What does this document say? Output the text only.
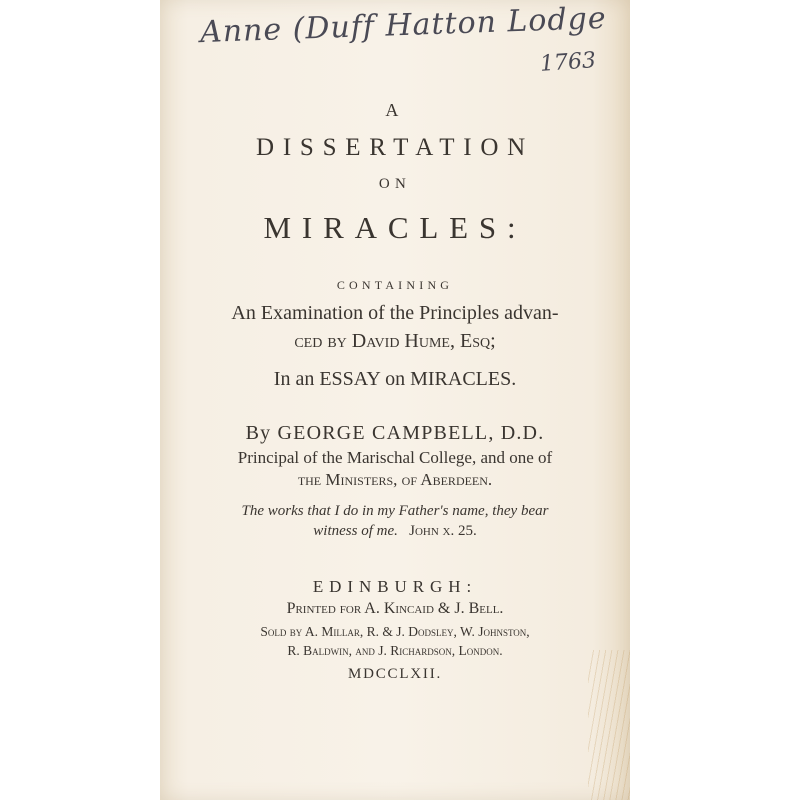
Anne (Duff Hatton Lodge
1763
A
DISSERTATION
ON
MIRACLES:
CONTAINING
An Examination of the Principles advan-
ced by David Hume, Esq;
In an ESSAY on MIRACLES.
By GEORGE CAMPBELL, D.D.
Principal of the Marischal College, and one of
the Ministers, of Aberdeen.
The works that I do in my Father's name, they bear
witness of me. John x. 25.
EDINBURGH:
Printed for A. Kincaid & J. Bell.
Sold by A. Millar, R. & J. Dodsley, W. Johnston,
R. Baldwin, and J. Richardson, London.
MDCCLXII.
